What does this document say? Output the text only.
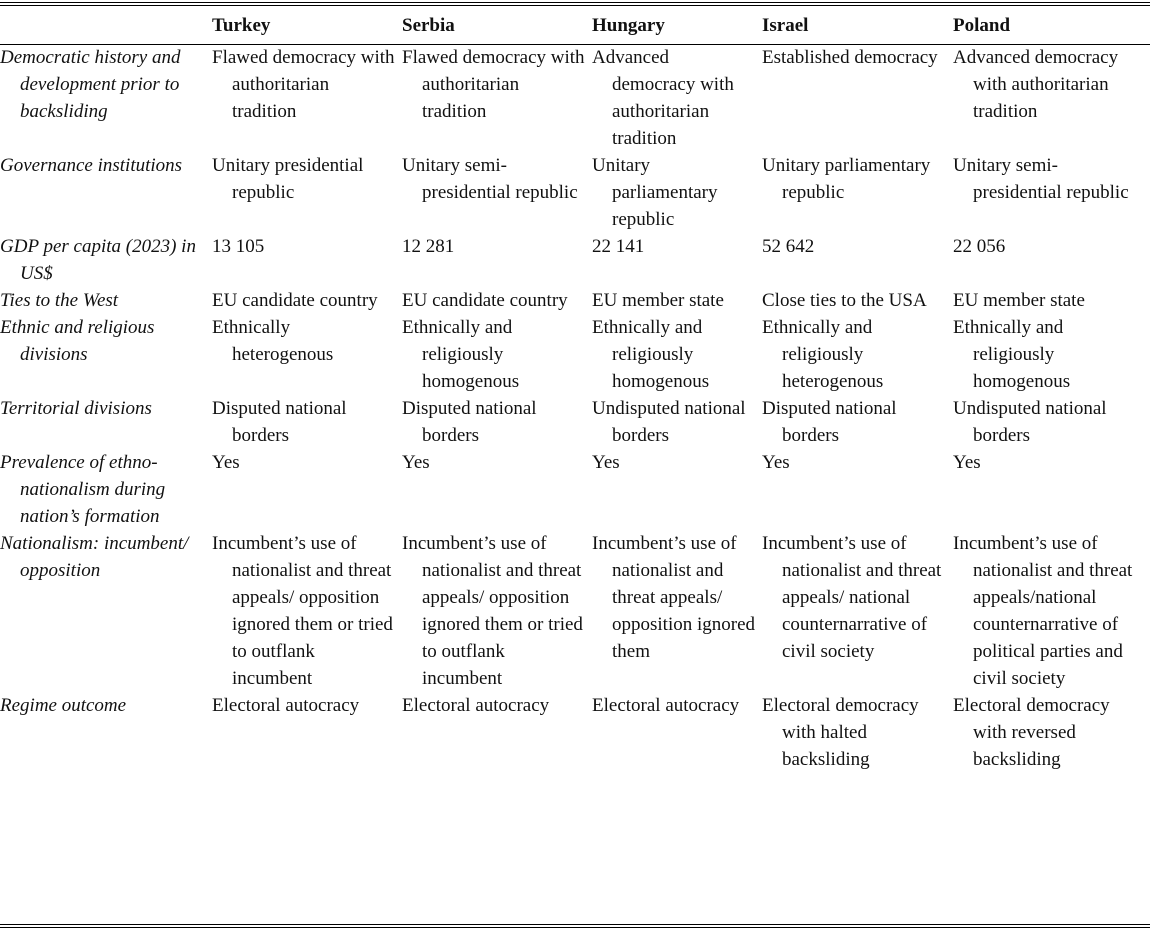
	Turkey	Serbia	Hungary	Israel	Poland

Democratic history and development prior to backsliding	Flawed democracy with authoritarian tradition	Flawed democracy with authoritarian tradition	Advanced democracy with authoritarian tradition	Established democracy	Advanced democracy with authoritarian tradition

Governance institutions	Unitary presidential republic	Unitary semi-presidential republic	Unitary parliamentary republic	Unitary parliamentary republic	Unitary semi-presidential republic

GDP per capita (2023) in US$	13 105	12 281	22 141	52 642	22 056

Ties to the West	EU candidate country	EU candidate country	EU member state	Close ties to the USA	EU member state

Ethnic and religious divisions	Ethnically heterogenous	Ethnically and religiously homogenous	Ethnically and religiously homogenous	Ethnically and religiously heterogenous	Ethnically and religiously homogenous

Territorial divisions	Disputed national borders	Disputed national borders	Undisputed national borders	Disputed national borders	Undisputed national borders

Prevalence of ethno-nationalism during nation’s formation	Yes	Yes	Yes	Yes	Yes

Nationalism: incumbent/ opposition	Incumbent’s use of nationalist and threat appeals/ opposition ignored them or tried to outflank incumbent	Incumbent’s use of nationalist and threat appeals/ opposition ignored them or tried to outflank incumbent	Incumbent’s use of nationalist and threat appeals/ opposition ignored them	Incumbent’s use of nationalist and threat appeals/ national counternarrative of civil society	Incumbent’s use of nationalist and threat appeals/national counternarrative of political parties and civil society

Regime outcome	Electoral autocracy	Electoral autocracy	Electoral autocracy	Electoral democracy with halted backsliding	Electoral democracy with reversed backsliding
